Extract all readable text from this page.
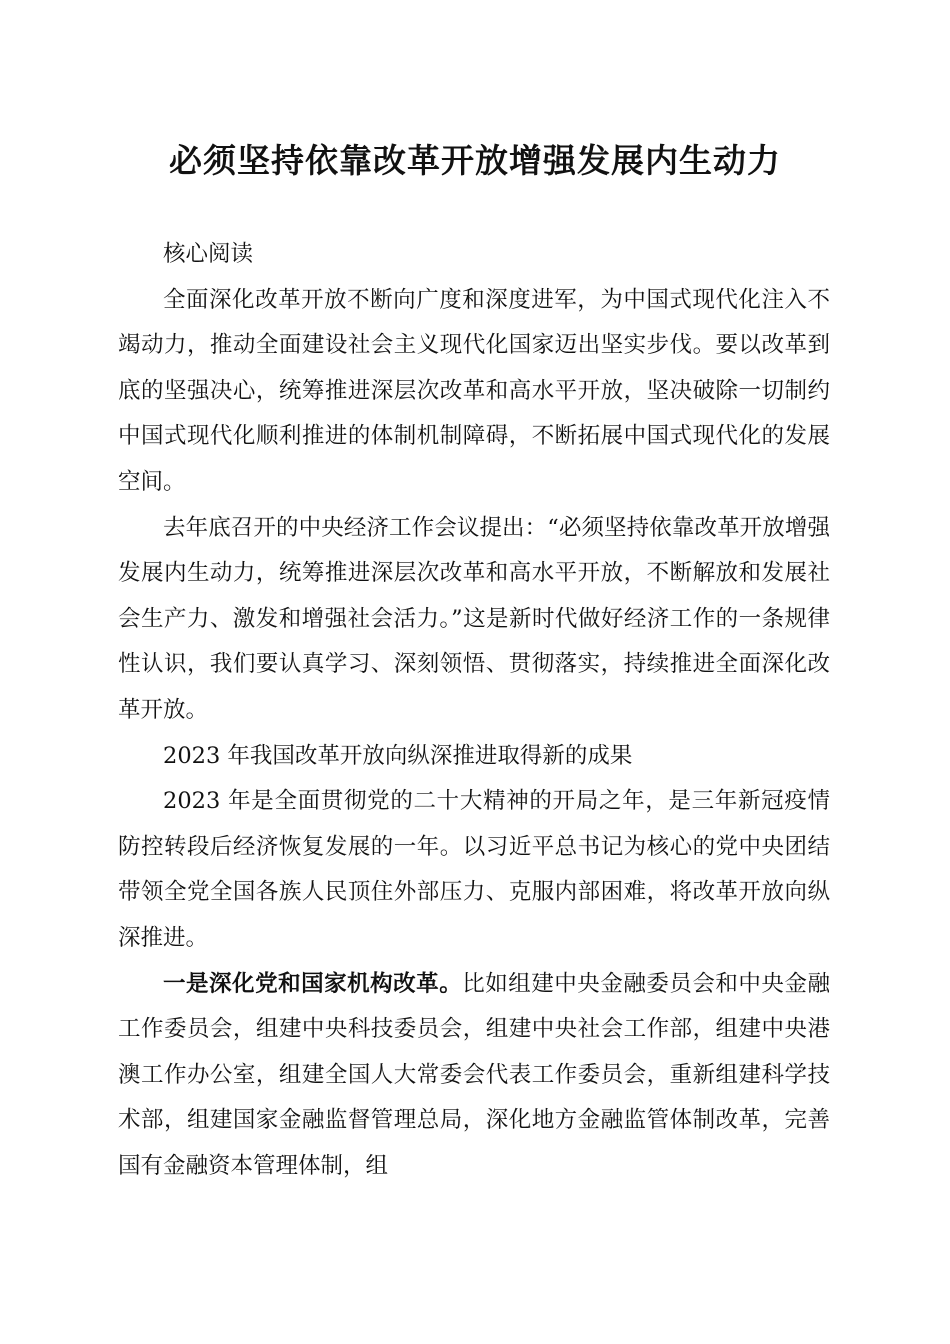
必须坚持依靠改革开放增强发展内生动力

核心阅读

全面深化改革开放不断向广度和深度进军，为中国式现代化注入不竭动力，推动全面建设社会主义现代化国家迈出坚实步伐。要以改革到底的坚强决心，统筹推进深层次改革和高水平开放，坚决破除一切制约中国式现代化顺利推进的体制机制障碍，不断拓展中国式现代化的发展空间。

去年底召开的中央经济工作会议提出：“必须坚持依靠改革开放增强发展内生动力，统筹推进深层次改革和高水平开放，不断解放和发展社会生产力、激发和增强社会活力。”这是新时代做好经济工作的一条规律性认识，我们要认真学习、深刻领悟、贯彻落实，持续推进全面深化改革开放。

2023 年我国改革开放向纵深推进取得新的成果

2023 年是全面贯彻党的二十大精神的开局之年，是三年新冠疫情防控转段后经济恢复发展的一年。以习近平总书记为核心的党中央团结带领全党全国各族人民顶住外部压力、克服内部困难，将改革开放向纵深推进。

一是深化党和国家机构改革。比如组建中央金融委员会和中央金融工作委员会，组建中央科技委员会，组建中央社会工作部，组建中央港澳工作办公室，组建全国人大常委会代表工作委员会，重新组建科学技术部，组建国家金融监督管理总局，深化地方金融监管体制改革，完善国有金融资本管理体制，组
